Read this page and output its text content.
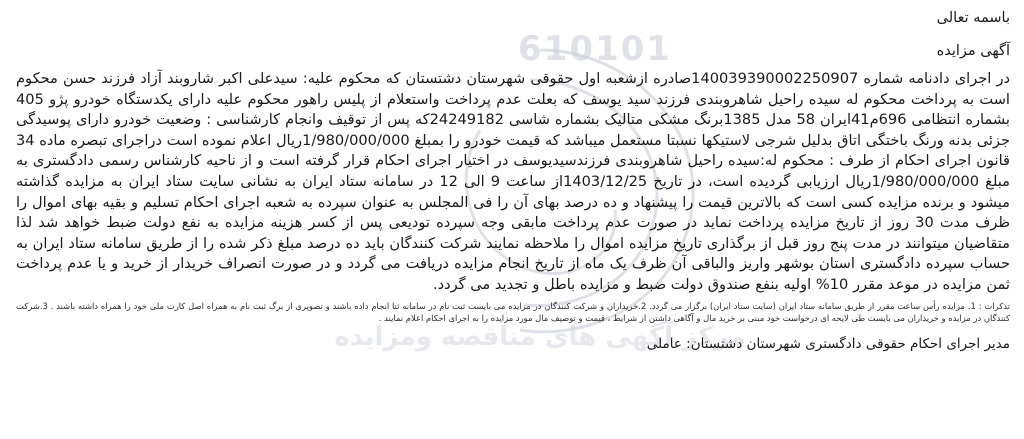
610101
مرکز آگهی های مناقصه ومزایده

باسمه تعالی

آگهی مزایده

در اجرای دادنامه شماره 140039390002250907صادره ازشعبه اول حقوقی شهرستان دشتستان که محکوم علیه: سیدعلی اکبر شاروبند آزاد فرزند حسن محکوم است به پرداخت محکوم له سیده راحیل شاهروبندی فرزند سید یوسف که بعلت عدم پرداخت واستعلام از پلیس راهور محکوم علیه دارای یکدستگاه خودرو پژو 405 بشماره انتظامی 696م41ایران 58 مدل 1385برنگ مشکی متالیک بشماره شاسی 24249182که پس از توقیف وانجام کارشناسی : وضعیت خودرو دارای پوسیدگی جزئی بدنه ورنگ باختگی اتاق بدلیل شرجی لاستیکها نسبتا مستعمل میباشد که قیمت خودرو را بمبلغ 1/980/000/000ریال اعلام نموده است دراجرای تبصره ماده 34 قانون اجرای احکام از طرف : محکوم له:سیده راحیل شاهروبندی فرزندسیدیوسف در اختیار اجرای احکام قرار گرفته است و از ناحیه کارشناس رسمی دادگستری به مبلغ 1/980/000/000ریال ارزیابی گردیده است، در تاریخ 1403/12/25از ساعت 9 الی 12 در سامانه ستاد ایران به نشانی سایت ستاد ایران به مزایده گذاشته میشود و برنده مزایده کسی است که بالاترین قیمت را پیشنهاد و ده درصد بهای آن را فی المجلس به عنوان سپرده به شعبه اجرای احکام تسلیم و بقیه بهای اموال را ظرف مدت 30 روز از تاریخ مزایده پرداخت نماید در صورت عدم پرداخت مابقی وجه سپرده تودیعی پس از کسر هزینه مزایده به نفع دولت ضبط خواهد شد لذا متقاضیان میتوانند در مدت پنج روز قبل از برگذاری تاریخ مزایده اموال را ملاحظه نمایند شرکت کنندگان باید ده درصد مبلغ ذکر شده را از طریق سامانه ستاد ایران به حساب سپرده دادگستری استان بوشهر واریز والباقی آن ظرف یک ماه از تاریخ انجام مزایده دریافت می گردد و در صورت انصراف خریدار از خرید و یا عدم پرداخت ثمن مزایده در موعد مقرر 10% اولیه بنفع صندوق دولت ضبط و مزایده باطل و تجدید می گردد.

تذکرات : 1. مزایده رأس ساعت مقرر از طریق سامانه ستاد ایران (سایت ستاد ایران) برگزار می گردد. 2.خریداران و شرکت کنندگان در مزایده می بایست ثبت نام در سامانه ثنا انجام داده باشند و تصویری از برگ ثبت نام به همراه اصل کارت ملی خود را همراه داشته باشند . 3.شرکت کنندگان در مزایده و خریداران می بایست طی لایحه ای درخواست خود مبنی بر خرید مال و آگاهی داشتن از شرایط ، قیمت و توصیف مال مورد مزایده را به اجرای احکام اعلام نمایند .

مدیر اجرای احکام حقوقی دادگستری شهرستان دشتستان: عاملی
